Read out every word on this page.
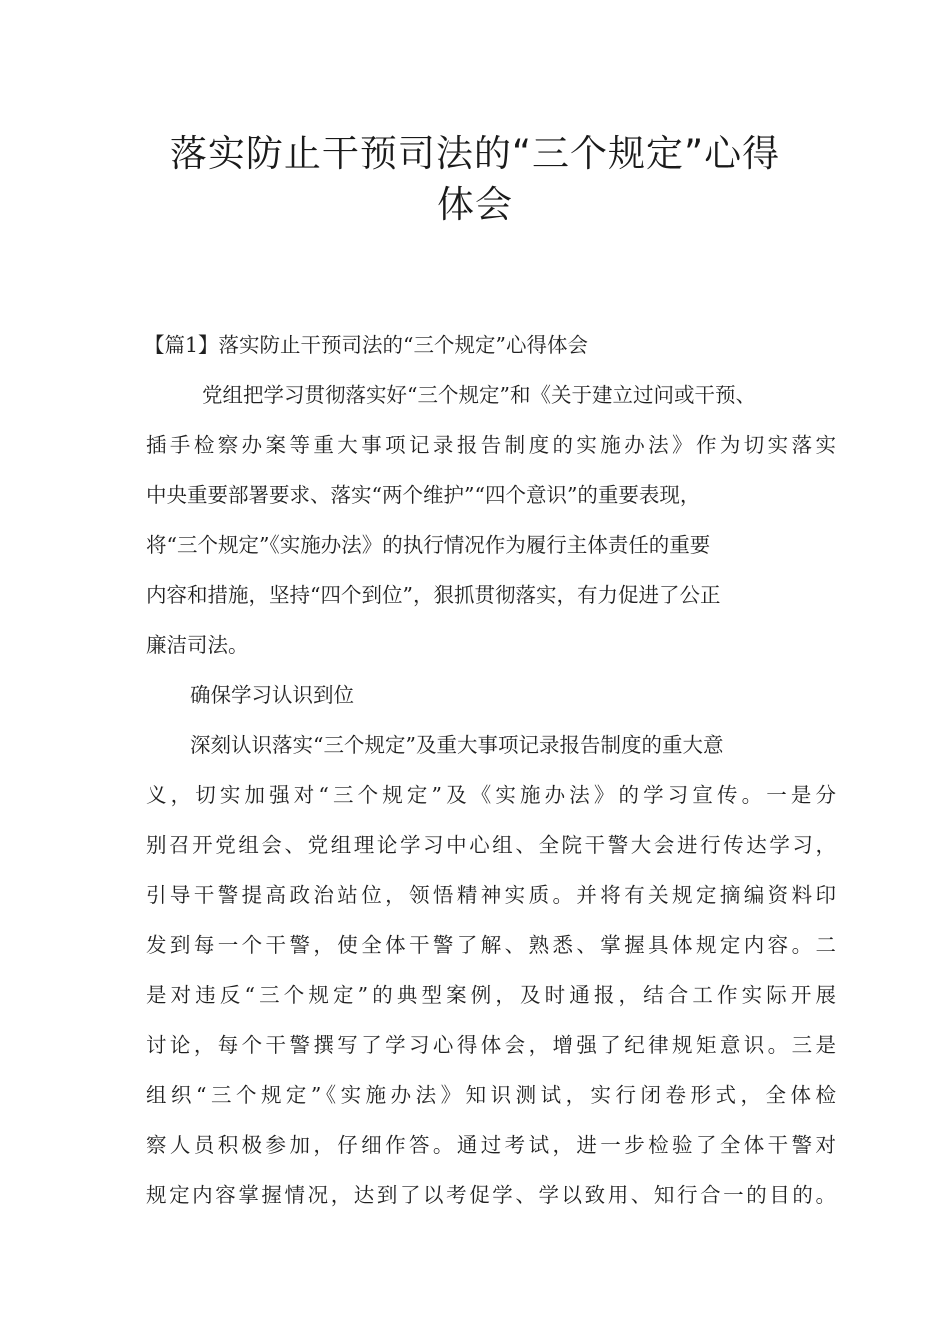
落实防止干预司法的“三个规定”心得
体会
【篇1】落实防止干预司法的“三个规定”心得体会
党组把学习贯彻落实好“三个规定”和《关于建立过问或干预、
插手检察办案等重大事项记录报告制度的实施办法》作为切实落实
中央重要部署要求、落实“两个维护”“四个意识”的重要表现，
将“三个规定”《实施办法》的执行情况作为履行主体责任的重要
内容和措施，坚持“四个到位”，狠抓贯彻落实，有力促进了公正
廉洁司法。
确保学习认识到位
深刻认识落实“三个规定”及重大事项记录报告制度的重大意
义，切实加强对“三个规定”及《实施办法》的学习宣传。一是分
别召开党组会、党组理论学习中心组、全院干警大会进行传达学习，
引导干警提高政治站位，领悟精神实质。并将有关规定摘编资料印
发到每一个干警，使全体干警了解、熟悉、掌握具体规定内容。二
是对违反“三个规定”的典型案例，及时通报，结合工作实际开展
讨论，每个干警撰写了学习心得体会，增强了纪律规矩意识。三是
组织“三个规定”《实施办法》知识测试，实行闭卷形式，全体检
察人员积极参加，仔细作答。通过考试，进一步检验了全体干警对
规定内容掌握情况，达到了以考促学、学以致用、知行合一的目的。
